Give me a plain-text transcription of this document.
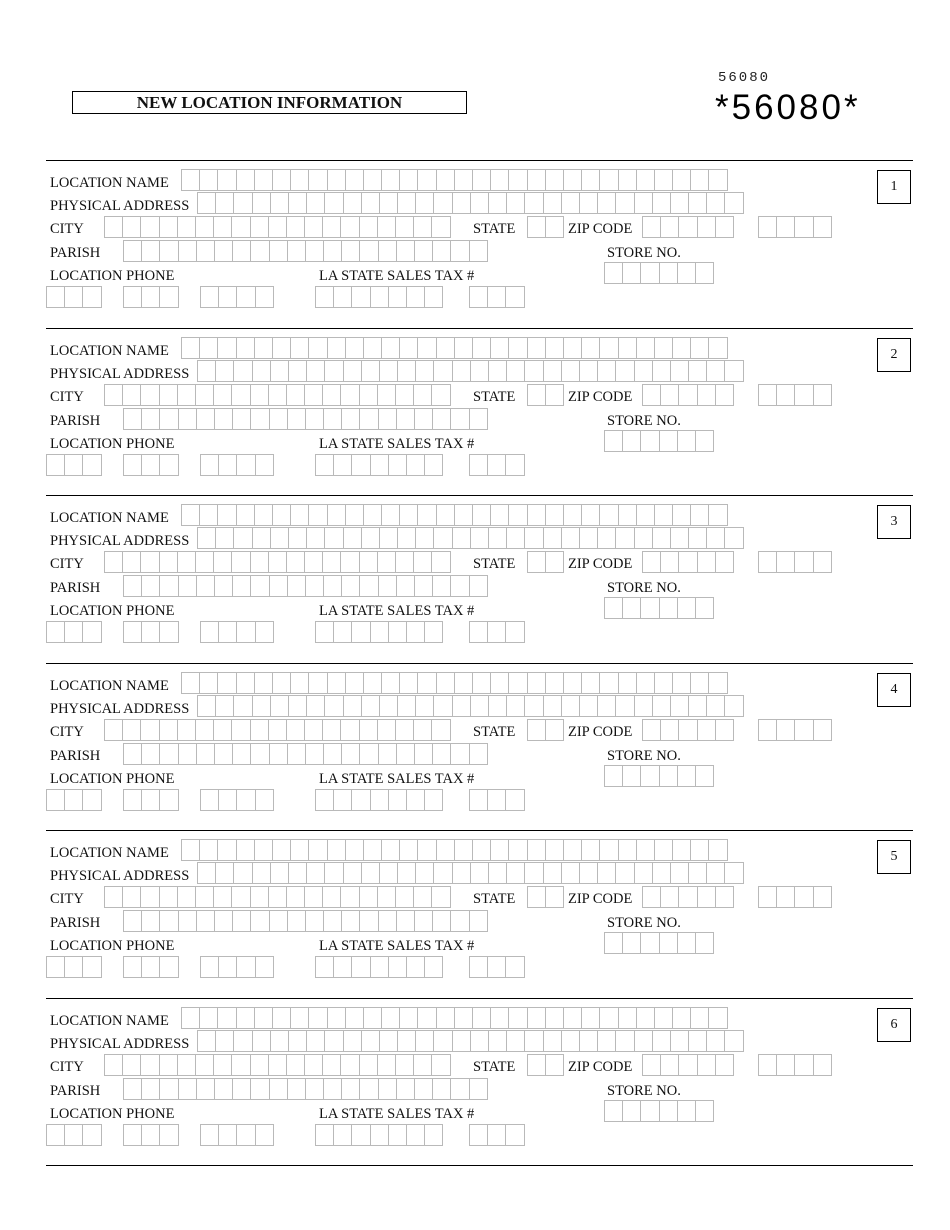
NEW LOCATION INFORMATION
56080
*56080*
1
LOCATION NAME
PHYSICAL ADDRESS
CITY	STATE	ZIP CODE
PARISH	STORE NO.
LOCATION PHONE	LA STATE SALES TAX #
2
LOCATION NAME
PHYSICAL ADDRESS
CITY	STATE	ZIP CODE
PARISH	STORE NO.
LOCATION PHONE	LA STATE SALES TAX #
3
LOCATION NAME
PHYSICAL ADDRESS
CITY	STATE	ZIP CODE
PARISH	STORE NO.
LOCATION PHONE	LA STATE SALES TAX #
4
LOCATION NAME
PHYSICAL ADDRESS
CITY	STATE	ZIP CODE
PARISH	STORE NO.
LOCATION PHONE	LA STATE SALES TAX #
5
LOCATION NAME
PHYSICAL ADDRESS
CITY	STATE	ZIP CODE
PARISH	STORE NO.
LOCATION PHONE	LA STATE SALES TAX #
6
LOCATION NAME
PHYSICAL ADDRESS
CITY	STATE	ZIP CODE
PARISH	STORE NO.
LOCATION PHONE	LA STATE SALES TAX #
